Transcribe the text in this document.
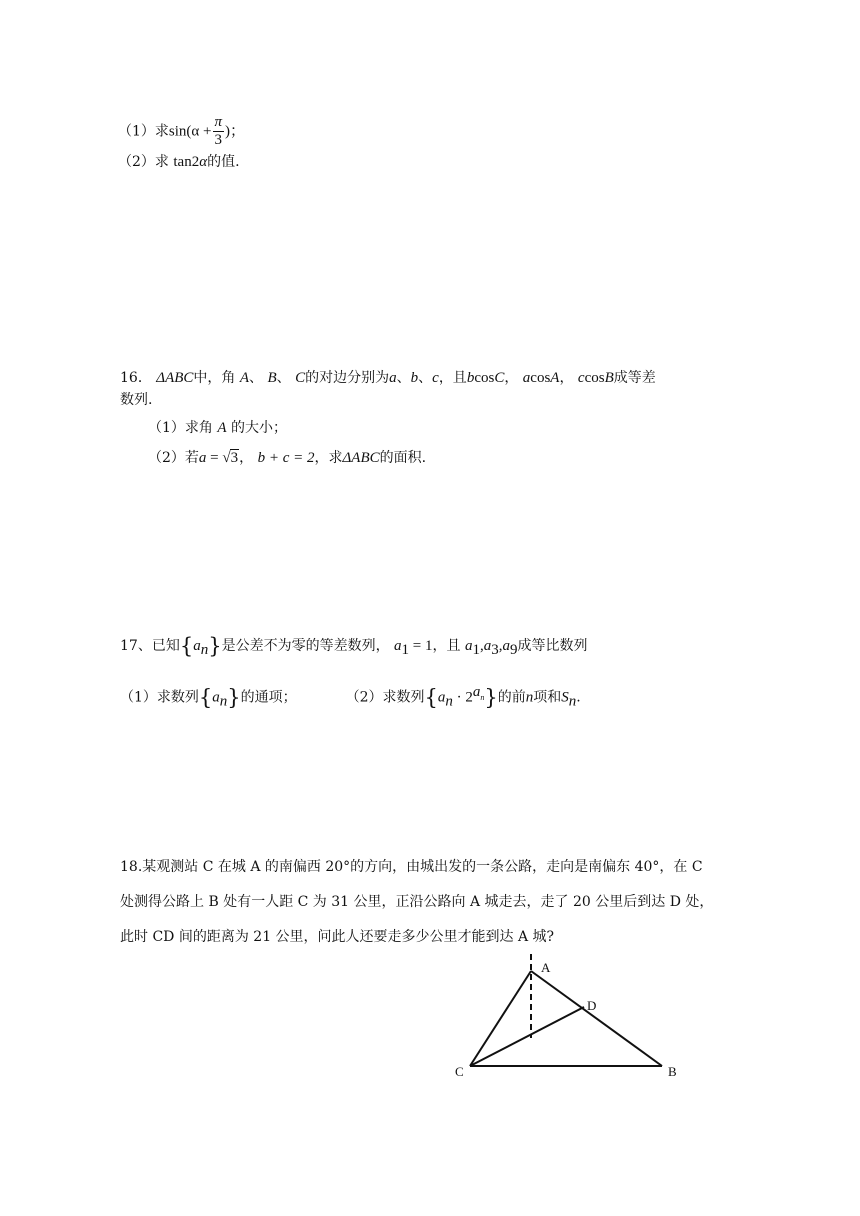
（1）求$\sin(\alpha + \frac{\pi}{3}$ )；
（2）求 tan2α的值.
16． ΔABC中，角 A、 B、 C的对边分别为a、b、c，且bcosC， acosA， ccosB成等差
数列.
（1）求角 A 的大小；
（2）若a = √3， b + c = 2，求ΔABC的面积.
17、已知$\{a_n\}$是公差不为零的等差数列， $a_1 = 1$，且 $a_1,a_3,a_9$成等比数列
（1）求数列$\{a_n\}$的通项；	（2）求数列$\{a_n \cdot 2^{a_n}\}$的前n项和$S_n$.
18.某观测站 C 在城 A 的南偏西 20°的方向，由城出发的一条公路，走向是南偏东 40°，在 C
处测得公路上 B 处有一人距 C 为 31 公里，正沿公路向 A 城走去，走了 20 公里后到达 D 处，
此时 CD 间的距离为 21 公里，问此人还要走多少公里才能到达 A 城?
A
D
C	B
